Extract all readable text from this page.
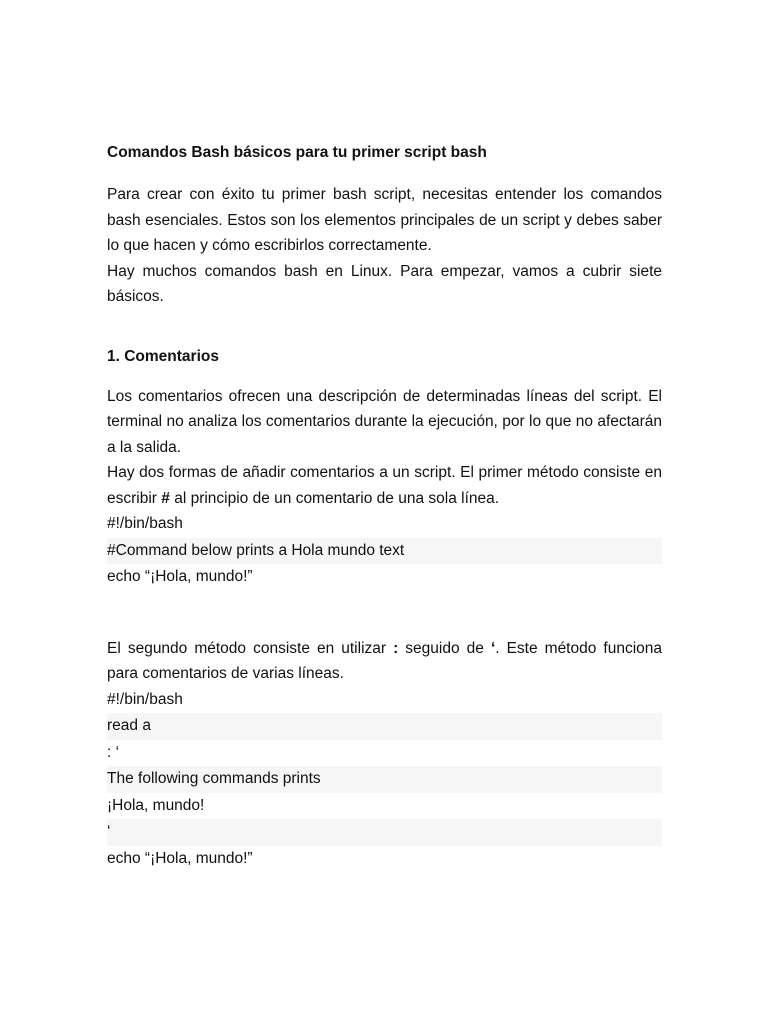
Comandos Bash básicos para tu primer script bash

Para crear con éxito tu primer bash script, necesitas entender los comandos bash esenciales. Estos son los elementos principales de un script y debes saber lo que hacen y cómo escribirlos correctamente.

Hay muchos comandos bash en Linux. Para empezar, vamos a cubrir siete básicos.

1. Comentarios

Los comentarios ofrecen una descripción de determinadas líneas del script. El terminal no analiza los comentarios durante la ejecución, por lo que no afectarán a la salida.

Hay dos formas de añadir comentarios a un script. El primer método consiste en escribir # al principio de un comentario de una sola línea.

#!/bin/bash

#Command below prints a Hola mundo text

echo “¡Hola, mundo!”

El segundo método consiste en utilizar : seguido de ‘. Este método funciona para comentarios de varias líneas.

#!/bin/bash

read a

: ‘

The following commands prints

¡Hola, mundo!

‘

echo “¡Hola, mundo!”
